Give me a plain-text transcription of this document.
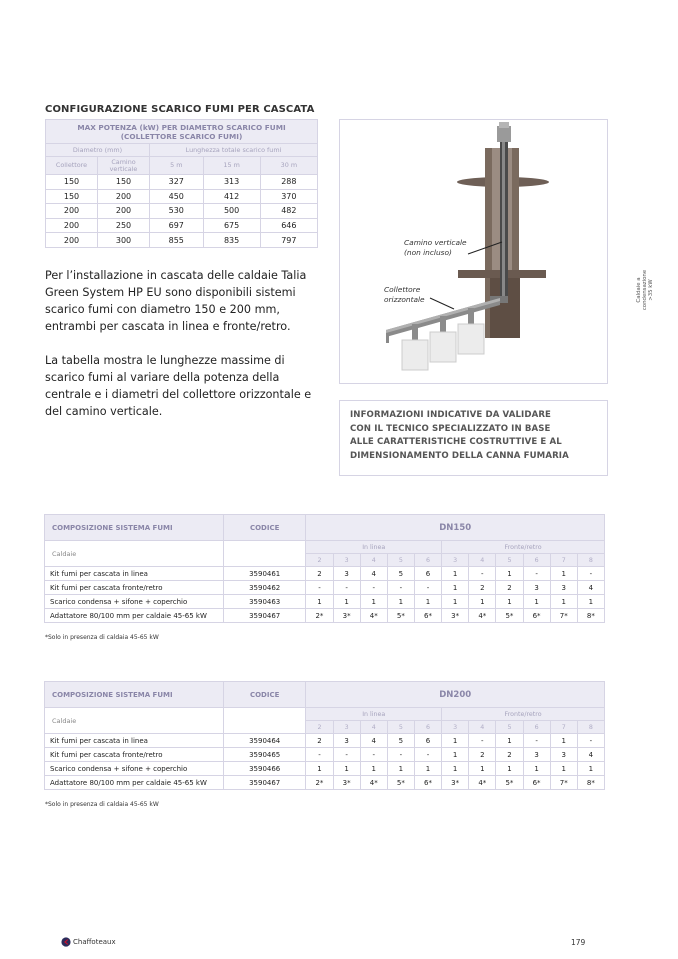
CONFIGURAZIONE SCARICO FUMI PER CASCATA
MAX POTENZA (kW) PER DIAMETRO SCARICO FUMI
(COLLETTORE SCARICO FUMI)				
Diametro (mm)		Lunghezza totale scarico fumi		
Collettore	Camino
verticale	5 m	15 m	30 m
150	150	327	313	288
150	200	450	412	370
200	200	530	500	482
200	250	697	675	646
200	300	855	835	797
Per l’installazione in cascata delle caldaie Talia Green System HP EU sono disponibili sistemi scarico fumi con diametro 150 e 200 mm, entrambi per cascata in linea e fronte/retro.
La tabella mostra le lunghezze massime di scarico fumi al variare della potenza della centrale e i diametri del collettore orizzontale e del camino verticale.
Camino verticale
(non incluso)
Collettore
orizzontale
INFORMAZIONI INDICATIVE DA VALIDARE
CON IL TECNICO SPECIALIZZATO IN BASE
ALLE CARATTERISTICHE COSTRUTTIVE E AL
DIMENSIONAMENTO DELLA CANNA FUMARIA
Caldaie a condensazione >35 kW
COMPOSIZIONE SISTEMA FUMI	CODICE	DN150										
Caldaie		In linea					Fronte/retro					
		2	3	4	5	6	3	4	5	6	7	8
Kit fumi per cascata in linea	3590461	2	3	4	5	6	1	-	1	-	1	-
Kit fumi per cascata fronte/retro	3590462	-	-	-	-	-	1	2	2	3	3	4
Scarico condensa + sifone + coperchio	3590463	1	1	1	1	1	1	1	1	1	1	1
Adattatore 80/100 mm per caldaie 45-65 kW	3590467	2*	3*	4*	5*	6*	3*	4*	5*	6*	7*	8*
*Solo in presenza di caldaia 45-65 kW
COMPOSIZIONE SISTEMA FUMI	CODICE	DN200										
Caldaie		In linea					Fronte/retro					
		2	3	4	5	6	3	4	5	6	7	8
Kit fumi per cascata in linea	3590464	2	3	4	5	6	1	-	1	-	1	-
Kit fumi per cascata fronte/retro	3590465	-	-	-	-	-	1	2	2	3	3	4
Scarico condensa + sifone + coperchio	3590466	1	1	1	1	1	1	1	1	1	1	1
Adattatore 80/100 mm per caldaie 45-65 kW	3590467	2*	3*	4*	5*	6*	3*	4*	5*	6*	7*	8*
*Solo in presenza di caldaia 45-65 kW
Chaffoteaux	179
